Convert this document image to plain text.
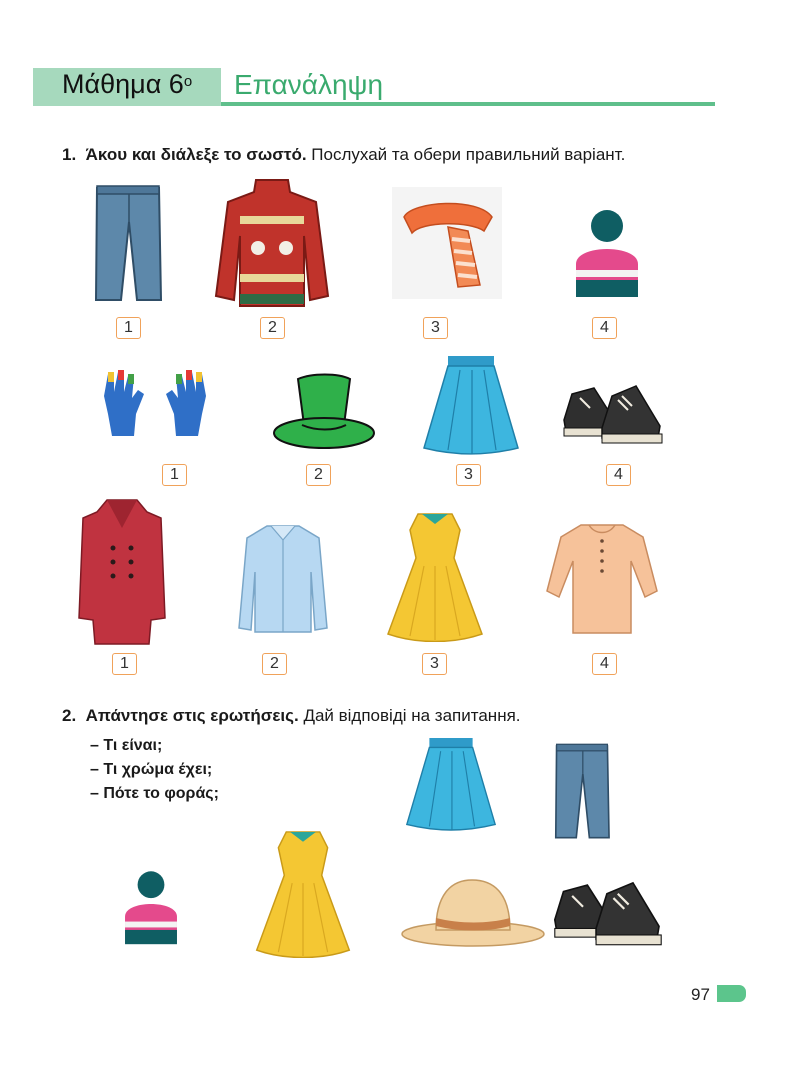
Μάθημα $6^o$ Επανάληψη
1. Άκου και διάλεξε το σωστό. Послухай та обери правильний варіант.
1	2	3	4
1	2	3	4
1	2	3	4
2. Απάντησε στις ερωτήσεις. Дай відповіді на запитання.
– Τι είναι;
– Τι χρώμα έχει;
– Πότε το φοράς;
97
